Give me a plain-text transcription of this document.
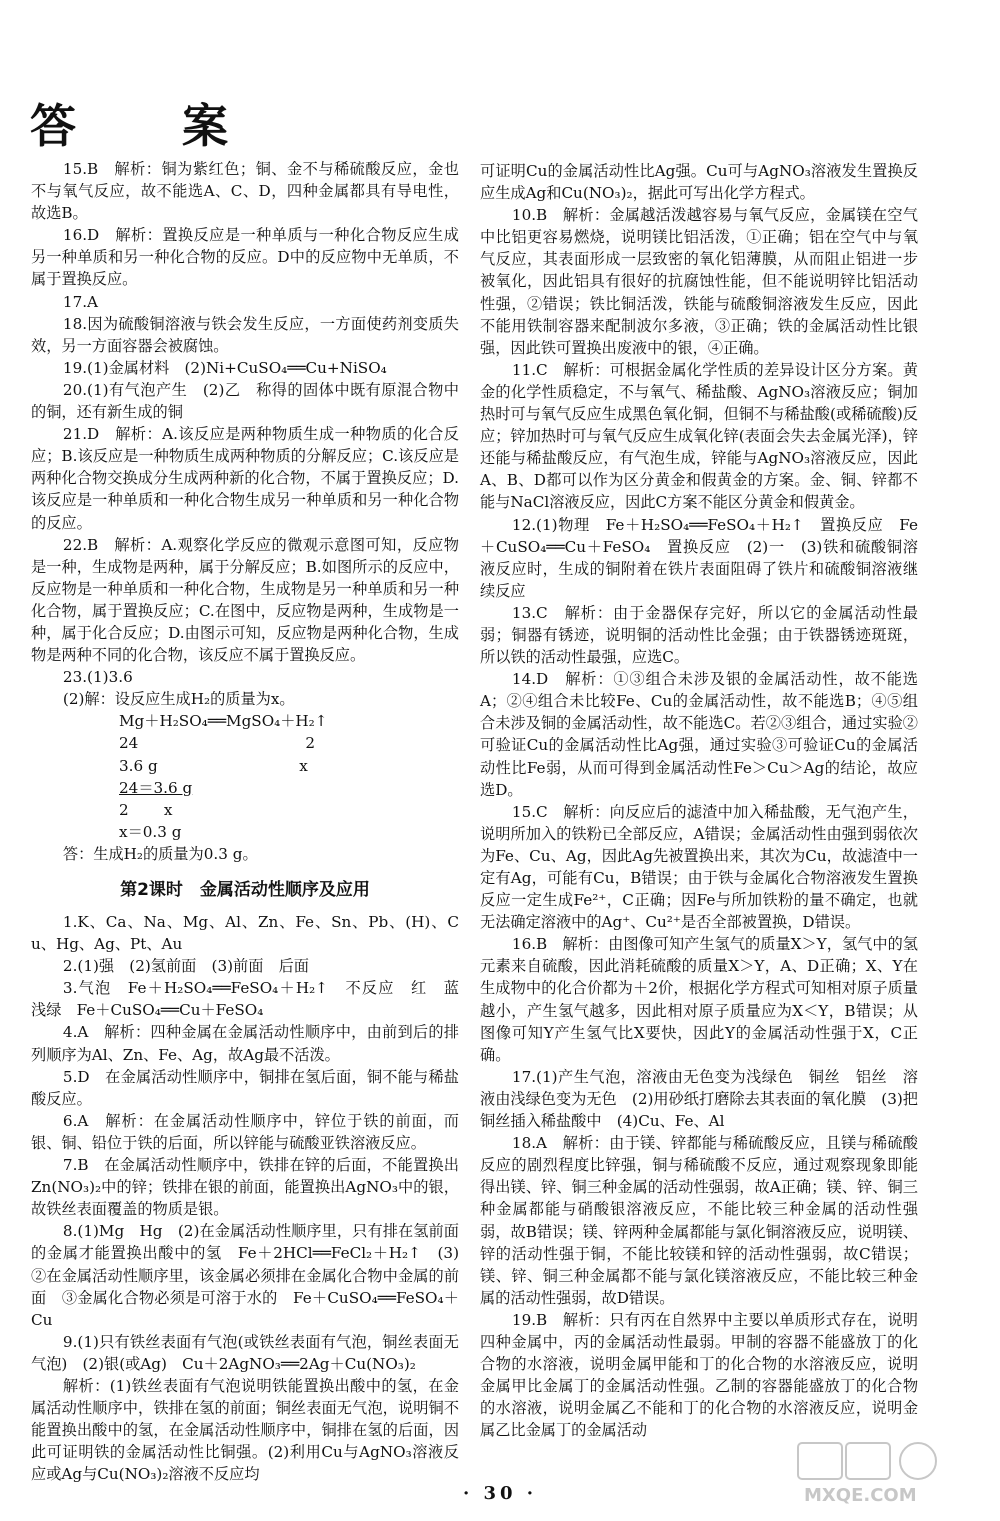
答　案

15.B　解析：铜为紫红色；铜、金不与稀硫酸反应，金也不与氧气反应，故不能选A、C、D，四种金属都具有导电性，故选B。

16.D　解析：置换反应是一种单质与一种化合物反应生成另一种单质和另一种化合物的反应。D中的反应物中无单质，不属于置换反应。

17.A

18.因为硫酸铜溶液与铁会发生反应，一方面使药剂变质失效，另一方面容器会被腐蚀。

19.(1)金属材料　(2)Ni+CuSO₄══Cu+NiSO₄

20.(1)有气泡产生　(2)乙　称得的固体中既有原混合物中的铜，还有新生成的铜

21.D　解析：A.该反应是两种物质生成一种物质的化合反应；B.该反应是一种物质生成两种物质的分解反应；C.该反应是两种化合物交换成分生成两种新的化合物，不属于置换反应；D.该反应是一种单质和一种化合物生成另一种单质和另一种化合物的反应。

22.B　解析：A.观察化学反应的微观示意图可知，反应物是一种，生成物是两种，属于分解反应；B.如图所示的反应中，反应物是一种单质和一种化合物，生成物是另一种单质和另一种化合物，属于置换反应；C.在图中，反应物是两种，生成物是一种，属于化合反应；D.由图示可知，反应物是两种化合物，生成物是两种不同的化合物，该反应不属于置换反应。

23.(1)3.6

(2)解：设反应生成H₂的质量为x。

Mg＋H₂SO₄══MgSO₄＋H₂↑

24　　　　　　　　　　　2

3.6 g　　　　　　　　　 x

24＝3.6 g

2　　 x

x＝0.3 g

答：生成H₂的质量为0.3 g。

第2课时　金属活动性顺序及应用

1.K、Ca、Na、Mg、Al、Zn、Fe、Sn、Pb、(H)、Cu、Hg、Ag、Pt、Au

2.(1)强　(2)氢前面　(3)前面　后面

3.气泡　Fe＋H₂SO₄══FeSO₄＋H₂↑　不反应　红　蓝　浅绿　Fe＋CuSO₄══Cu＋FeSO₄

4.A　解析：四种金属在金属活动性顺序中，由前到后的排列顺序为Al、Zn、Fe、Ag，故Ag最不活泼。

5.D　在金属活动性顺序中，铜排在氢后面，铜不能与稀盐酸反应。

6.A　解析：在金属活动性顺序中，锌位于铁的前面，而银、铜、铅位于铁的后面，所以锌能与硫酸亚铁溶液反应。

7.B　在金属活动性顺序中，铁排在锌的后面，不能置换出Zn(NO₃)₂中的锌；铁排在银的前面，能置换出AgNO₃中的银，故铁丝表面覆盖的物质是银。

8.(1)Mg　Hg　(2)在金属活动性顺序里，只有排在氢前面的金属才能置换出酸中的氢　Fe＋2HCl══FeCl₂＋H₂↑　(3)②在金属活动性顺序里，该金属必须排在金属化合物中金属的前面　③金属化合物必须是可溶于水的　Fe＋CuSO₄══FeSO₄＋Cu

9.(1)只有铁丝表面有气泡(或铁丝表面有气泡，铜丝表面无气泡)　(2)银(或Ag)　Cu＋2AgNO₃══2Ag＋Cu(NO₃)₂

解析：(1)铁丝表面有气泡说明铁能置换出酸中的氢，在金属活动性顺序中，铁排在氢的前面；铜丝表面无气泡，说明铜不能置换出酸中的氢，在金属活动性顺序中，铜排在氢的后面，因此可证明铁的金属活动性比铜强。(2)利用Cu与AgNO₃溶液反应或Ag与Cu(NO₃)₂溶液不反应均

可证明Cu的金属活动性比Ag强。Cu可与AgNO₃溶液发生置换反应生成Ag和Cu(NO₃)₂，据此可写出化学方程式。

10.B　解析：金属越活泼越容易与氧气反应，金属镁在空气中比铝更容易燃烧，说明镁比铝活泼，①正确；铝在空气中与氧气反应，其表面形成一层致密的氧化铝薄膜，从而阻止铝进一步被氧化，因此铝具有很好的抗腐蚀性能，但不能说明锌比铝活动性强，②错误；铁比铜活泼，铁能与硫酸铜溶液发生反应，因此不能用铁制容器来配制波尔多液，③正确；铁的金属活动性比银强，因此铁可置换出废液中的银，④正确。

11.C　解析：可根据金属化学性质的差异设计区分方案。黄金的化学性质稳定，不与氧气、稀盐酸、AgNO₃溶液反应；铜加热时可与氧气反应生成黑色氧化铜，但铜不与稀盐酸(或稀硫酸)反应；锌加热时可与氧气反应生成氧化锌(表面会失去金属光泽)，锌还能与稀盐酸反应，有气泡生成，锌能与AgNO₃溶液反应，因此A、B、D都可以作为区分黄金和假黄金的方案。金、铜、锌都不能与NaCl溶液反应，因此C方案不能区分黄金和假黄金。

12.(1)物理　Fe＋H₂SO₄══FeSO₄＋H₂↑　置换反应　Fe＋CuSO₄══Cu＋FeSO₄　置换反应　(2)一　(3)铁和硫酸铜溶液反应时，生成的铜附着在铁片表面阻碍了铁片和硫酸铜溶液继续反应

13.C　解析：由于金器保存完好，所以它的金属活动性最弱；铜器有锈迹，说明铜的活动性比金强；由于铁器锈迹斑斑，所以铁的活动性最强，应选C。

14.D　解析：①③组合未涉及银的金属活动性，故不能选A；②④组合未比较Fe、Cu的金属活动性，故不能选B；④⑤组合未涉及铜的金属活动性，故不能选C。若②③组合，通过实验②可验证Cu的金属活动性比Ag强，通过实验③可验证Cu的金属活动性比Fe弱，从而可得到金属活动性Fe＞Cu＞Ag的结论，故应选D。

15.C　解析：向反应后的滤渣中加入稀盐酸，无气泡产生，说明所加入的铁粉已全部反应，A错误；金属活动性由强到弱依次为Fe、Cu、Ag，因此Ag先被置换出来，其次为Cu，故滤渣中一定有Ag，可能有Cu，B错误；由于铁与金属化合物溶液发生置换反应一定生成Fe²⁺，C正确；因Fe与所加铁粉的量不确定，也就无法确定溶液中的Ag⁺、Cu²⁺是否全部被置换，D错误。

16.B　解析：由图像可知产生氢气的质量X＞Y，氢气中的氢元素来自硫酸，因此消耗硫酸的质量X＞Y，A、D正确；X、Y在生成物中的化合价都为＋2价，根据化学方程式可知相对原子质量越小，产生氢气越多，因此相对原子质量应为X＜Y，B错误；从图像可知Y产生氢气比X要快，因此Y的金属活动性强于X，C正确。

17.(1)产生气泡，溶液由无色变为浅绿色　铜丝　铝丝　溶液由浅绿色变为无色　(2)用砂纸打磨除去其表面的氧化膜　(3)把铜丝插入稀盐酸中　(4)Cu、Fe、Al

18.A　解析：由于镁、锌都能与稀硫酸反应，且镁与稀硫酸反应的剧烈程度比锌强，铜与稀硫酸不反应，通过观察现象即能得出镁、锌、铜三种金属的活动性强弱，故A正确；镁、锌、铜三种金属都能与硝酸银溶液反应，不能比较三种金属的活动性强弱，故B错误；镁、锌两种金属都能与氯化铜溶液反应，说明镁、锌的活动性强于铜，不能比较镁和锌的活动性强弱，故C错误；镁、锌、铜三种金属都不能与氯化镁溶液反应，不能比较三种金属的活动性强弱，故D错误。

19.B　解析：只有丙在自然界中主要以单质形式存在，说明四种金属中，丙的金属活动性最弱。甲制的容器不能盛放丁的化合物的水溶液，说明金属甲能和丁的化合物的水溶液反应，说明金属甲比金属丁的金属活动性强。乙制的容器能盛放丁的化合物的水溶液，说明金属乙不能和丁的化合物的水溶液反应，说明金属乙比金属丁的金属活动

· 30 ·	MXQE.COM
